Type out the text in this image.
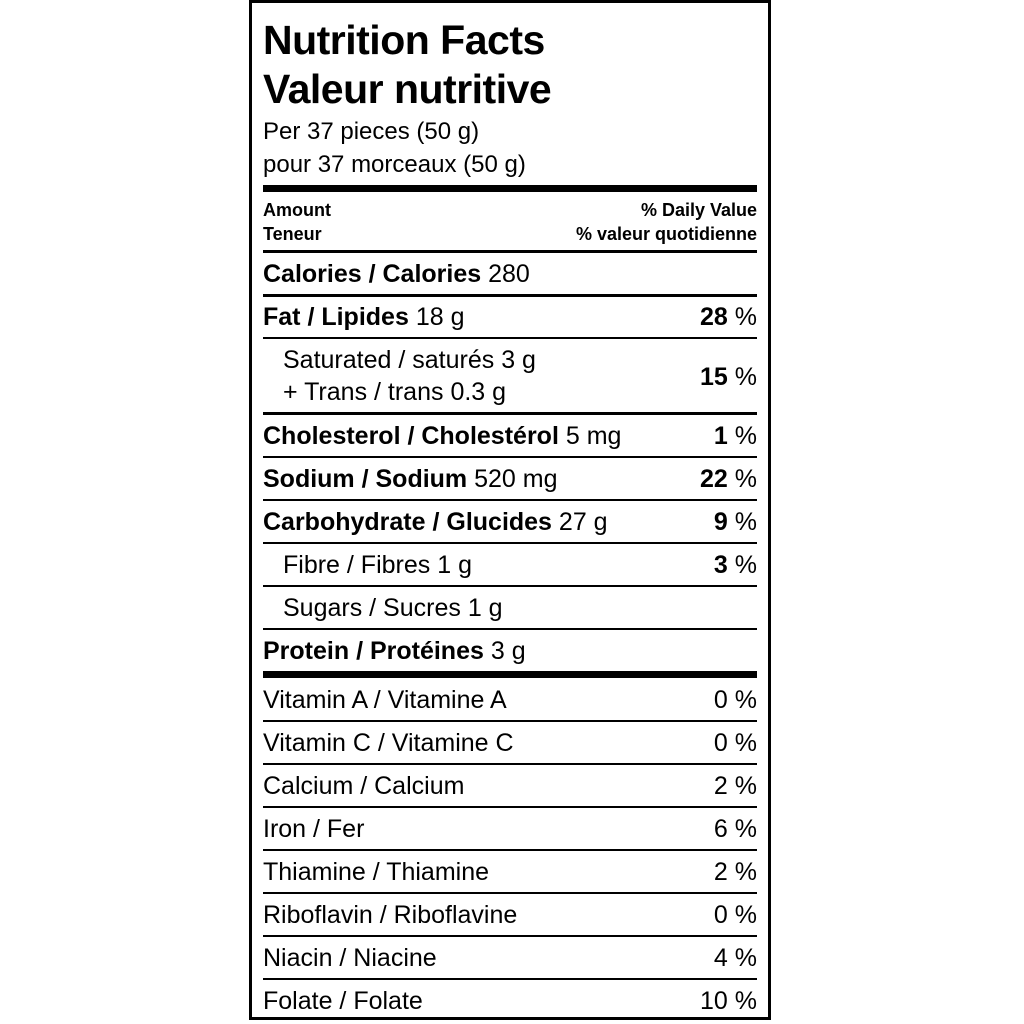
Nutrition Facts
Valeur nutritive
Per 37 pieces (50 g)
pour 37 morceaux (50 g)
Amount
Teneur
% Daily Value
% valeur quotidienne
Calories / Calories 280
Fat / Lipides 18 g	28 %
Saturated / saturés 3 g
+ Trans / trans 0.3 g
15 %
Cholesterol / Cholestérol 5 mg	1 %
Sodium / Sodium 520 mg	22 %
Carbohydrate / Glucides 27 g	9 %
Fibre / Fibres 1 g	3 %
Sugars / Sucres 1 g
Protein / Protéines 3 g
Vitamin A / Vitamine A	0 %
Vitamin C / Vitamine C	0 %
Calcium / Calcium	2 %
Iron / Fer	6 %
Thiamine / Thiamine	2 %
Riboflavin / Riboflavine	0 %
Niacin / Niacine	4 %
Folate / Folate	10 %
